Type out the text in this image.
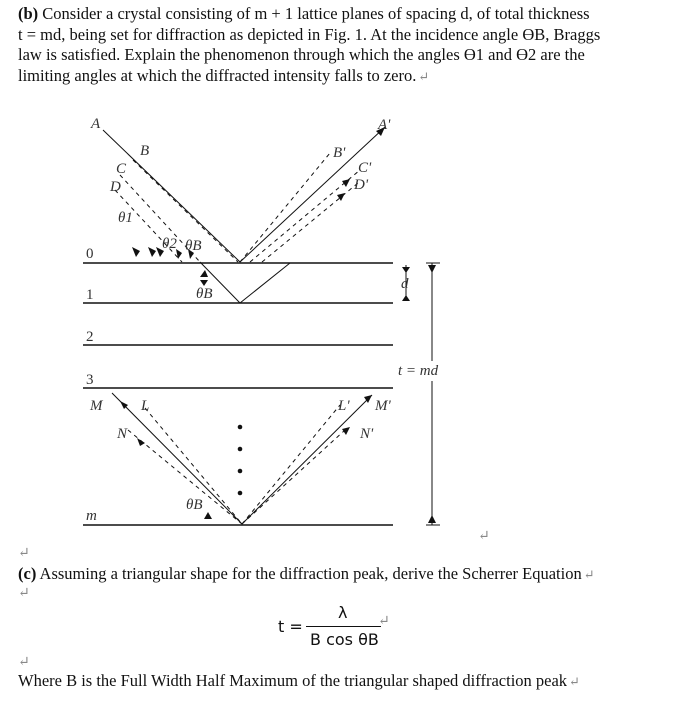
(b) Consider a crystal consisting of m + 1 lattice planes of spacing d, of total thickness
t = md, being set for diffraction as depicted in Fig. 1. At the incidence angle ϴB, Braggs
law is satisfied. Explain the phenomenon through which the angles ϴ1 and ϴ2 are the
limiting angles at which the diffracted intensity falls to zero. ↵
0
1
2
3
m
A
B
C
D
A'
B'
C'
D'
θ1
θ2 θB
θB
M	L
N
L' M'
N'
θB
d
t = md
↵
↵
(c) Assuming a triangular shape for the diffraction peak, derive the Scherrer Equation ↵
↵
t =
λ
B cos θB
↵
↵
Where B is the Full Width Half Maximum of the triangular shaped diffraction peak ↵
